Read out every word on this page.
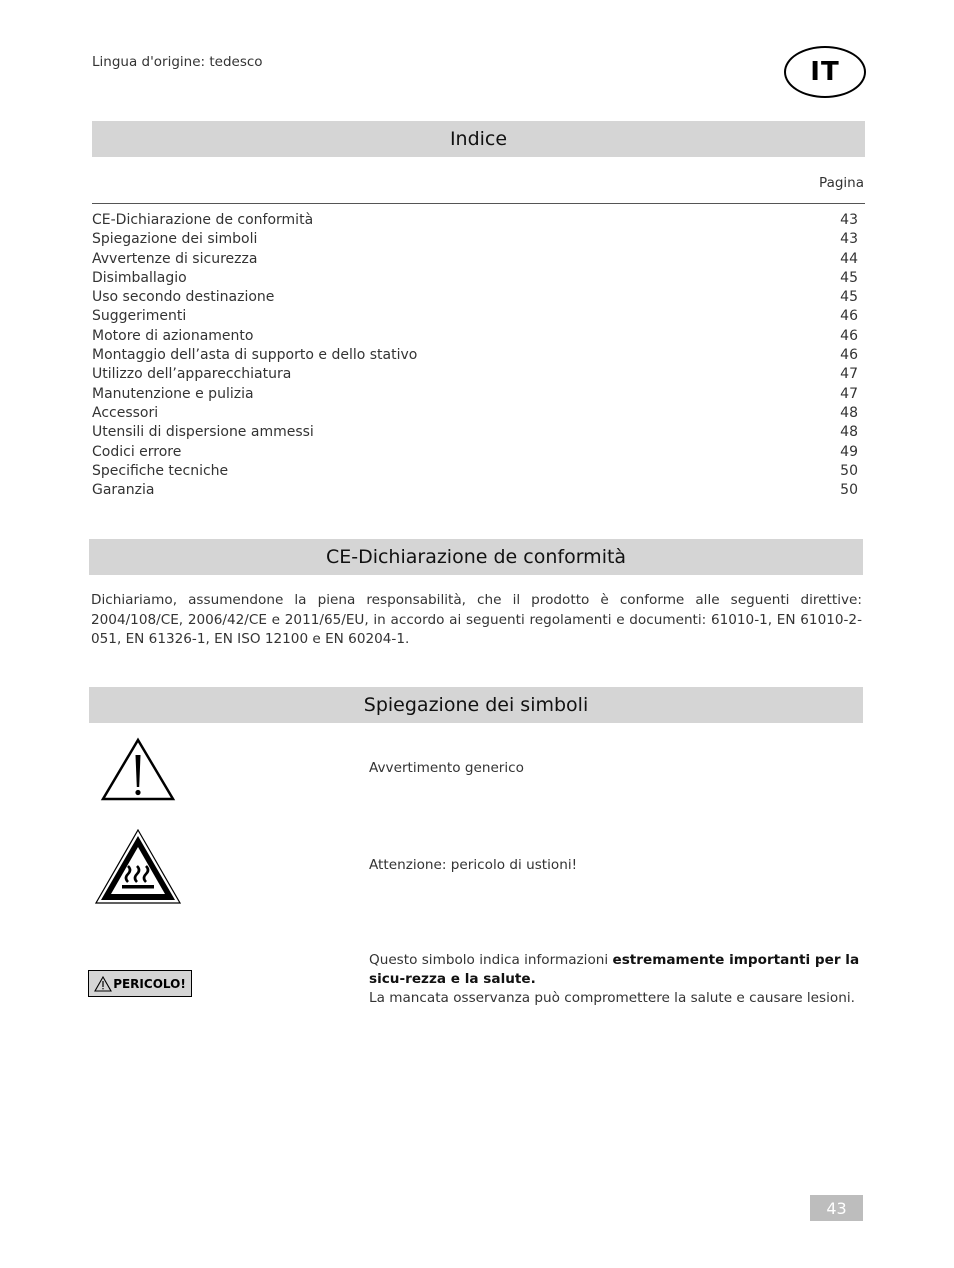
Lingua d'origine: tedesco	IT
Indice
Pagina
CE-Dichiarazione de conformità	43
Spiegazione dei simboli	43
Avvertenze di sicurezza	44
Disimballagio	45
Uso secondo destinazione	45
Suggerimenti	46
Motore di azionamento	46
Montaggio dell’asta di supporto e dello stativo	46
Utilizzo dell’apparecchiatura	47
Manutenzione e pulizia	47
Accessori	48
Utensili di dispersione ammessi	48
Codici errore	49
Specifiche tecniche	50
Garanzia	50
CE-Dichiarazione de conformità

Dichiariamo, assumendone la piena responsabilità, che il prodotto è conforme alle seguenti direttive: 2004/108/CE, 2006/42/CE e 2011/65/EU, in accordo ai seguenti regolamenti e documenti: 61010-1, EN 61010-2-051, EN 61326-1, EN ISO 12100 e EN 60204-1.

Spiegazione dei simboli
Avvertimento generico
Attenzione: pericolo di ustioni!
PERICOLO!
Questo simbolo indica informazioni estremamente importanti per la sicu-rezza e la salute.
La mancata osservanza può compromettere la salute e causare lesioni.
43
